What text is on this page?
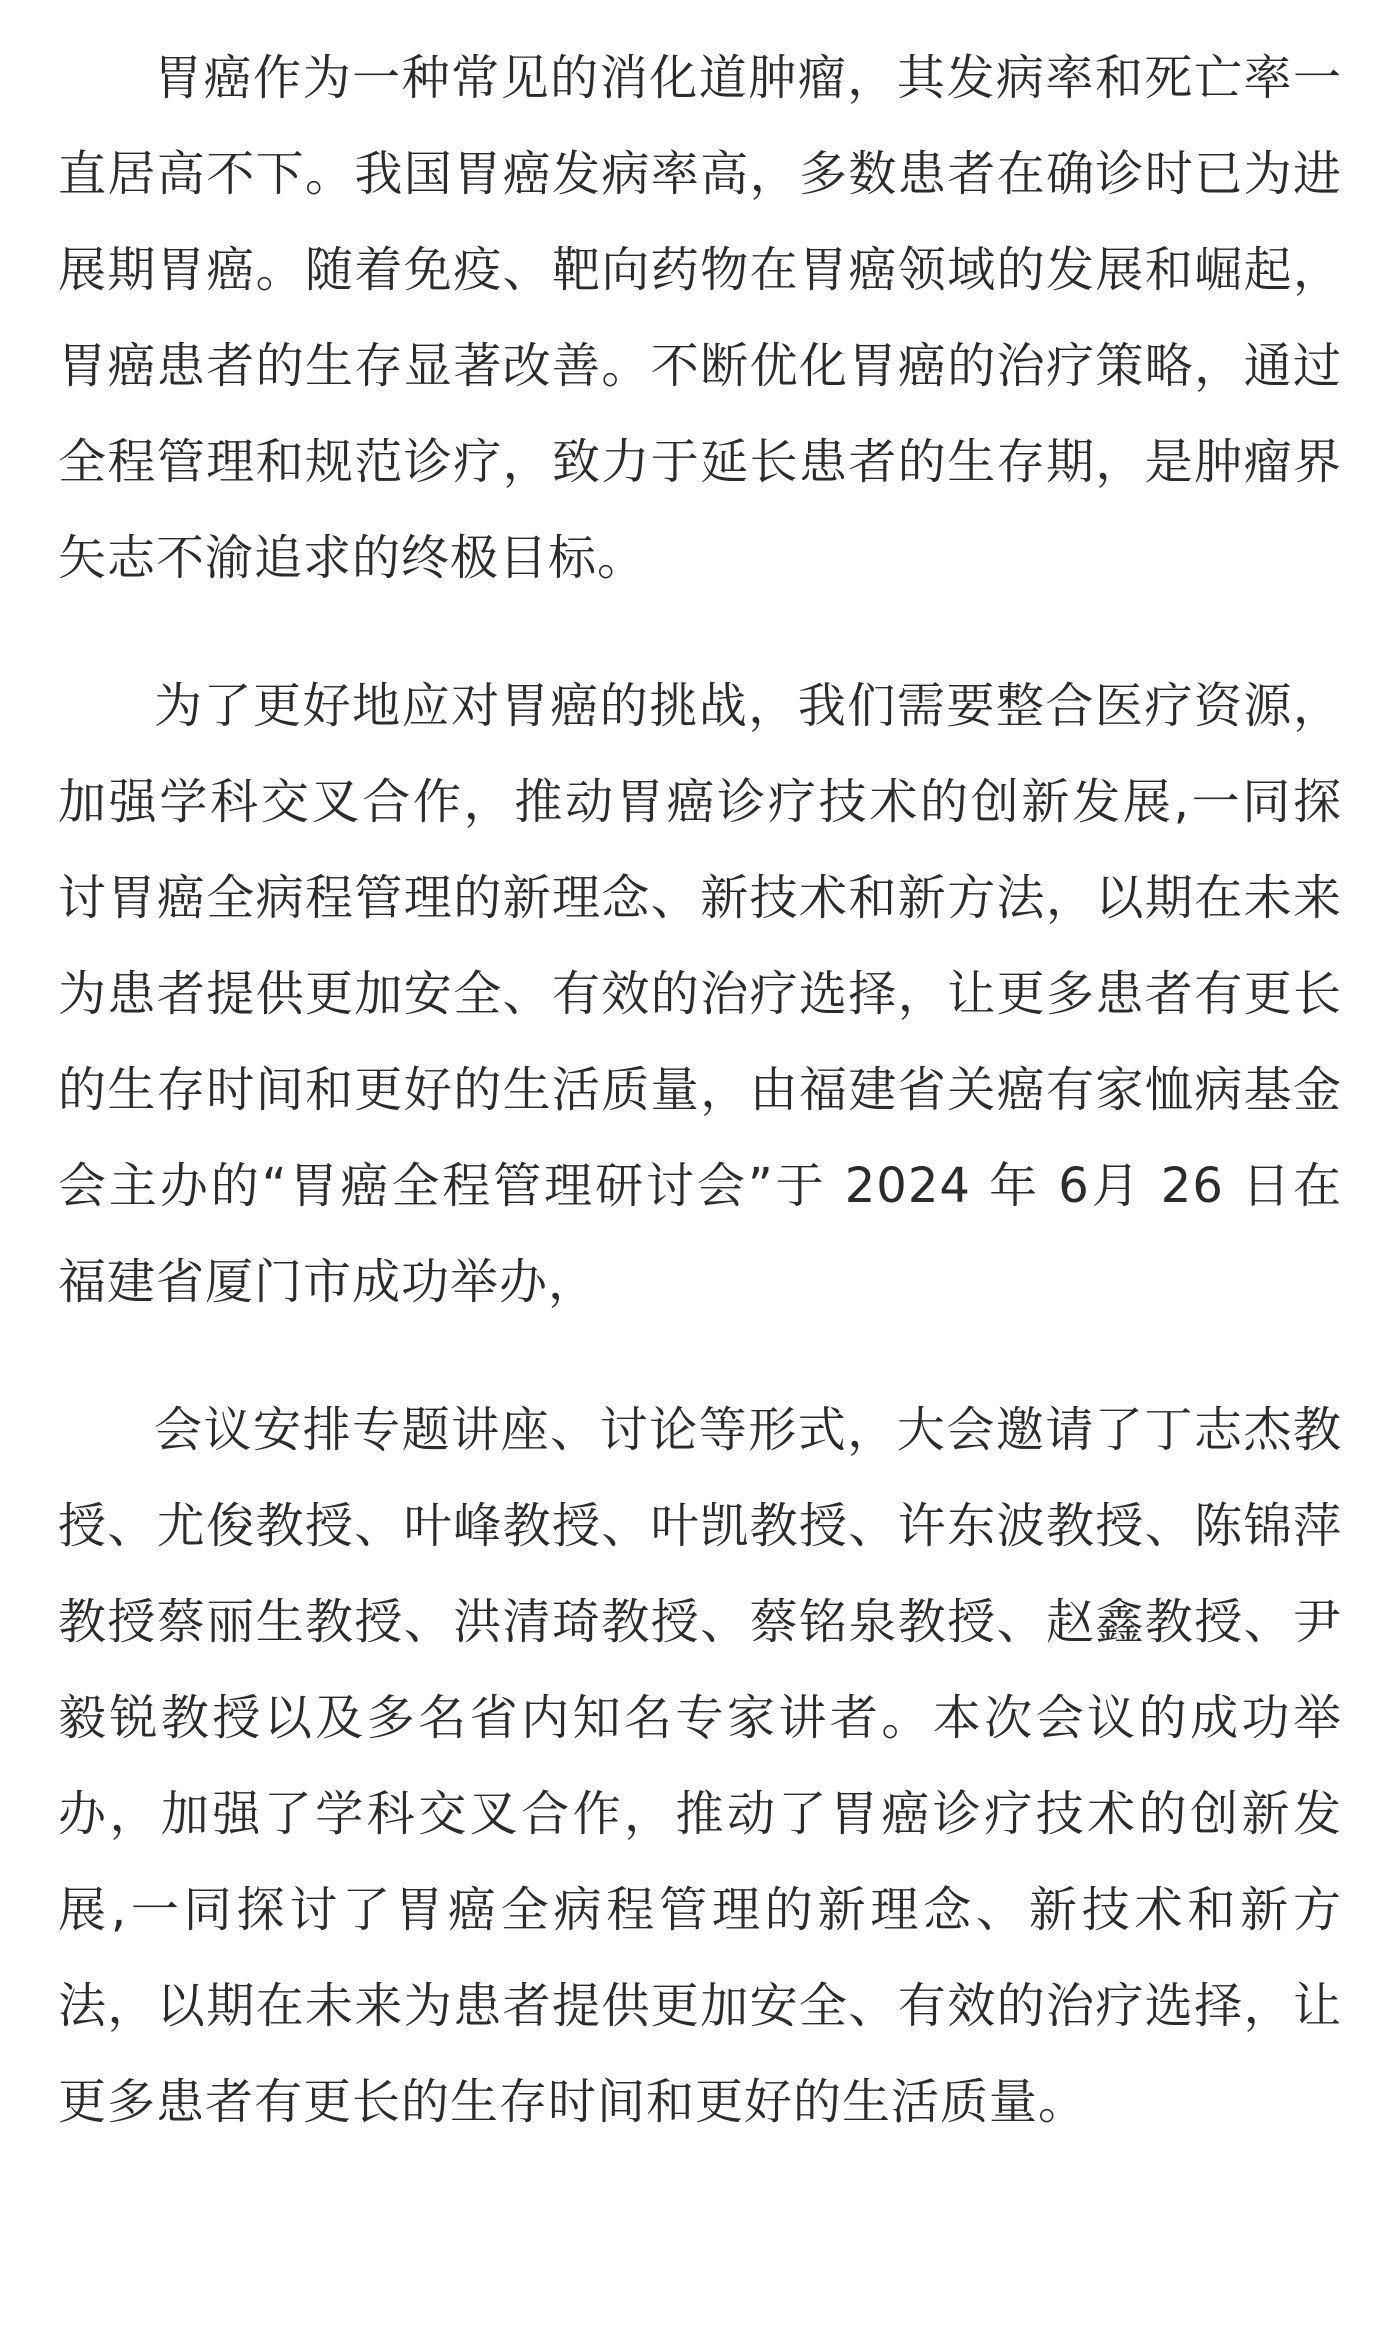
胃癌作为一种常见的消化道肿瘤，其发病率和死亡率一直居高不下。我国胃癌发病率高，多数患者在确诊时已为进展期胃癌。随着免疫、靶向药物在胃癌领域的发展和崛起，胃癌患者的生存显著改善。不断优化胃癌的治疗策略，通过全程管理和规范诊疗，致力于延长患者的生存期，是肿瘤界矢志不渝追求的终极目标。

为了更好地应对胃癌的挑战，我们需要整合医疗资源，加强学科交叉合作，推动胃癌诊疗技术的创新发展,一同探讨胃癌全病程管理的新理念、新技术和新方法，以期在未来为患者提供更加安全、有效的治疗选择，让更多患者有更长的生存时间和更好的生活质量，由福建省关癌有家恤病基金会主办的“胃癌全程管理研讨会”于 2024 年 6月 26 日在福建省厦门市成功举办，

会议安排专题讲座、讨论等形式，大会邀请了丁志杰教授、尤俊教授、叶峰教授、叶凯教授、许东波教授、陈锦萍教授蔡丽生教授、洪清琦教授、蔡铭泉教授、赵鑫教授、尹毅锐教授以及多名省内知名专家讲者。本次会议的成功举办，加强了学科交叉合作，推动了胃癌诊疗技术的创新发展,一同探讨了胃癌全病程管理的新理念、新技术和新方法，以期在未来为患者提供更加安全、有效的治疗选择，让更多患者有更长的生存时间和更好的生活质量。
